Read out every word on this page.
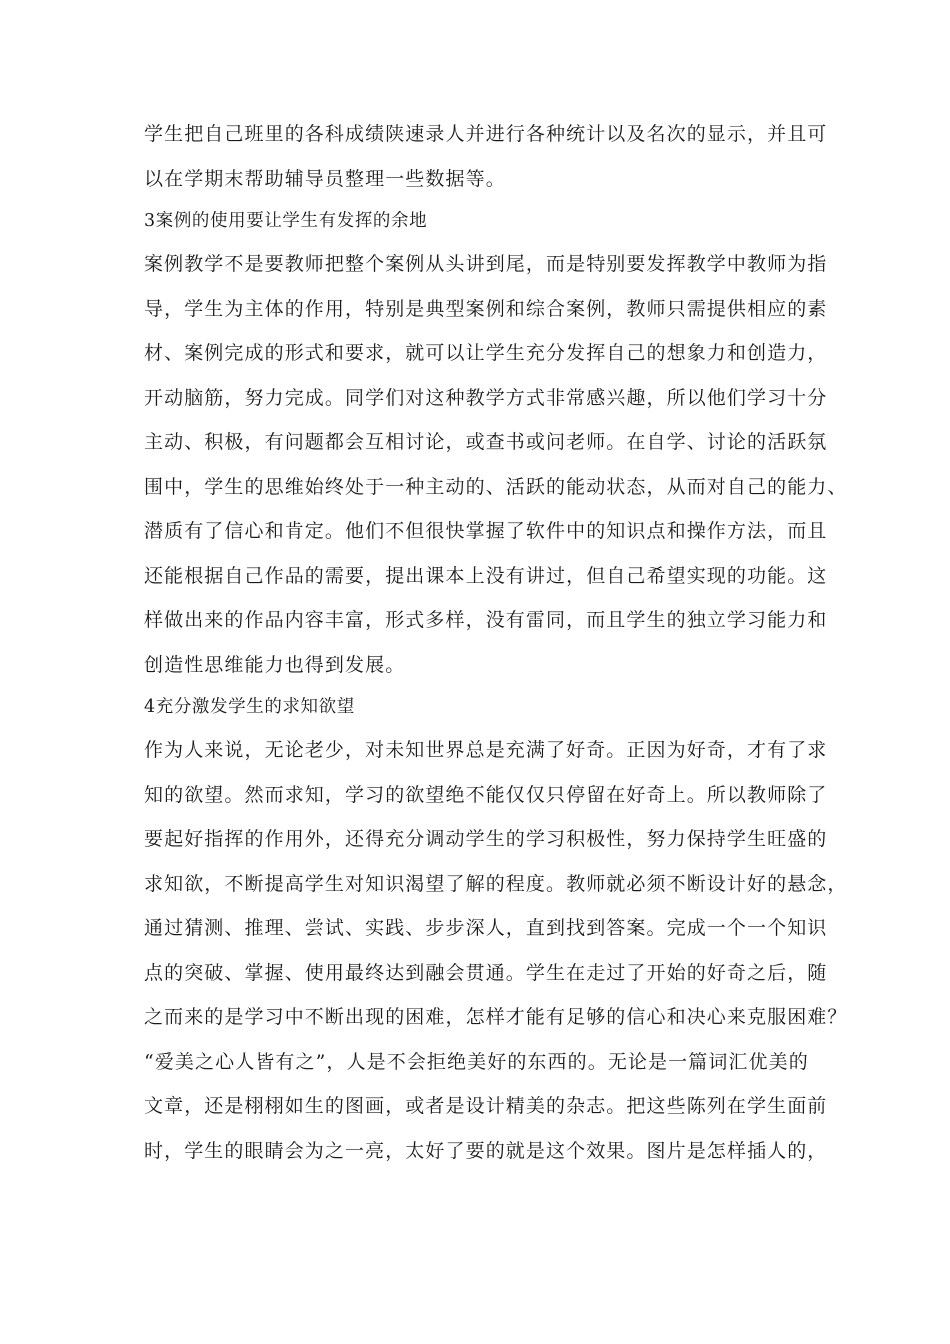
学生把自己班里的各科成绩陕速录人并进行各种统计以及名次的显示，并且可
以在学期末帮助辅导员整理一些数据等。
3案例的使用要让学生有发挥的余地
案例教学不是要教师把整个案例从头讲到尾，而是特别要发挥教学中教师为指
导，学生为主体的作用，特别是典型案例和综合案例，教师只需提供相应的素
材、案例完成的形式和要求，就可以让学生充分发挥自己的想象力和创造力，
开动脑筋，努力完成。同学们对这种教学方式非常感兴趣，所以他们学习十分
主动、积极，有问题都会互相讨论，或查书或问老师。在自学、讨论的活跃氛
围中，学生的思维始终处于一种主动的、活跃的能动状态，从而对自己的能力、
潜质有了信心和肯定。他们不但很快掌握了软件中的知识点和操作方法，而且
还能根据自己作品的需要，提出课本上没有讲过，但自己希望实现的功能。这
样做出来的作品内容丰富，形式多样，没有雷同，而且学生的独立学习能力和
创造性思维能力也得到发展。
4充分激发学生的求知欲望
作为人来说，无论老少，对未知世界总是充满了好奇。正因为好奇，才有了求
知的欲望。然而求知，学习的欲望绝不能仅仅只停留在好奇上。所以教师除了
要起好指挥的作用外，还得充分调动学生的学习积极性，努力保持学生旺盛的
求知欲，不断提高学生对知识渴望了解的程度。教师就必须不断设计好的悬念，
通过猜测、推理、尝试、实践、步步深人，直到找到答案。完成一个一个知识
点的突破、掌握、使用最终达到融会贯通。学生在走过了开始的好奇之后，随
之而来的是学习中不断出现的困难，怎样才能有足够的信心和决心来克服困难？
“爱美之心人皆有之”，人是不会拒绝美好的东西的。无论是一篇词汇优美的
文章，还是栩栩如生的图画，或者是设计精美的杂志。把这些陈列在学生面前
时，学生的眼睛会为之一亮，太好了要的就是这个效果。图片是怎样插人的，
